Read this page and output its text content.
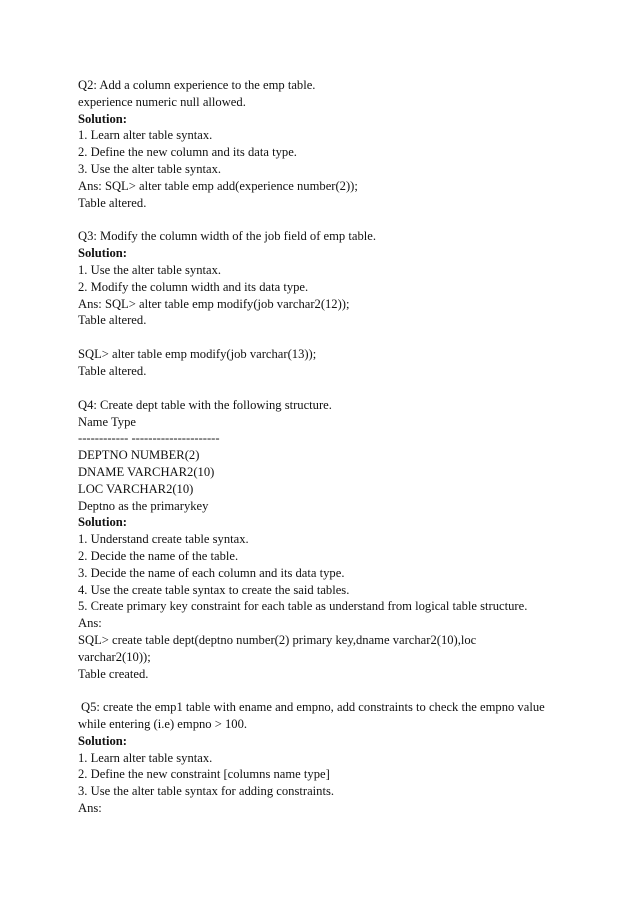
Q2: Add a column experience to the emp table.
experience numeric null allowed.
Solution:
1. Learn alter table syntax.
2. Define the new column and its data type.
3. Use the alter table syntax.
Ans: SQL> alter table emp add(experience number(2));
Table altered.
Q3: Modify the column width of the job field of emp table.
Solution:
1. Use the alter table syntax.
2. Modify the column width and its data type.
Ans: SQL> alter table emp modify(job varchar2(12));
Table altered.
SQL> alter table emp modify(job varchar(13));
Table altered.
Q4: Create dept table with the following structure.
Name Type
------------ ---------------------
DEPTNO NUMBER(2)
DNAME VARCHAR2(10)
LOC VARCHAR2(10)
Deptno as the primarykey
Solution:
1. Understand create table syntax.
2. Decide the name of the table.
3. Decide the name of each column and its data type.
4. Use the create table syntax to create the said tables.
5. Create primary key constraint for each table as understand from logical table structure.
Ans:
SQL> create table dept(deptno number(2) primary key,dname varchar2(10),loc
varchar2(10));
Table created.
Q5: create the emp1 table with ename and empno, add constraints to check the empno value
while entering (i.e) empno > 100.
Solution:
1. Learn alter table syntax.
2. Define the new constraint [columns name type]
3. Use the alter table syntax for adding constraints.
Ans:
